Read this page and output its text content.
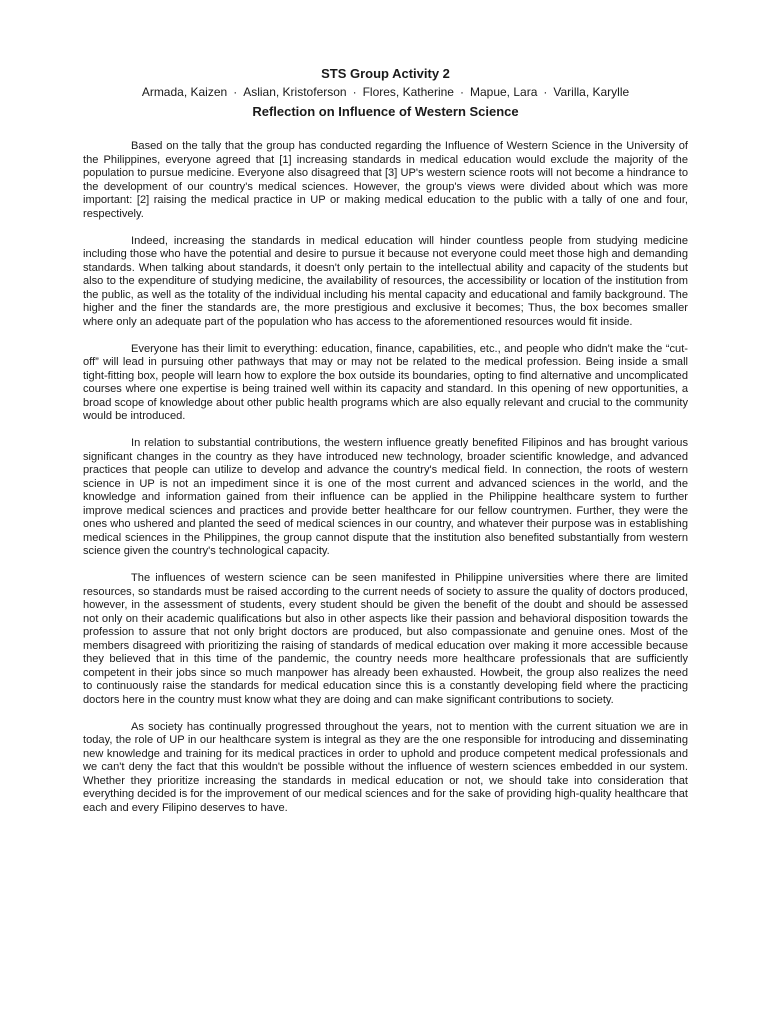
STS Group Activity 2
Armada, Kaizen · Aslian, Kristoferson · Flores, Katherine · Mapue, Lara · Varilla, Karylle
Reflection on Influence of Western Science

Based on the tally that the group has conducted regarding the Influence of Western Science in the University of the Philippines, everyone agreed that [1] increasing standards in medical education would exclude the majority of the population to pursue medicine. Everyone also disagreed that [3] UP's western science roots will not become a hindrance to the development of our country's medical sciences. However, the group's views were divided about which was more important: [2] raising the medical practice in UP or making medical education to the public with a tally of one and four, respectively.

Indeed, increasing the standards in medical education will hinder countless people from studying medicine including those who have the potential and desire to pursue it because not everyone could meet those high and demanding standards. When talking about standards, it doesn't only pertain to the intellectual ability and capacity of the students but also to the expenditure of studying medicine, the availability of resources, the accessibility or location of the institution from the public, as well as the totality of the individual including his mental capacity and educational and family background. The higher and the finer the standards are, the more prestigious and exclusive it becomes; Thus, the box becomes smaller where only an adequate part of the population who has access to the aforementioned resources would fit inside.

Everyone has their limit to everything: education, finance, capabilities, etc., and people who didn't make the “cut-off” will lead in pursuing other pathways that may or may not be related to the medical profession. Being inside a small tight-fitting box, people will learn how to explore the box outside its boundaries, opting to find alternative and uncomplicated courses where one expertise is being trained well within its capacity and standard. In this opening of new opportunities, a broad scope of knowledge about other public health programs which are also equally relevant and crucial to the community would be introduced.

In relation to substantial contributions, the western influence greatly benefited Filipinos and has brought various significant changes in the country as they have introduced new technology, broader scientific knowledge, and advanced practices that people can utilize to develop and advance the country's medical field. In connection, the roots of western science in UP is not an impediment since it is one of the most current and advanced sciences in the world, and the knowledge and information gained from their influence can be applied in the Philippine healthcare system to further improve medical sciences and practices and provide better healthcare for our fellow countrymen. Further, they were the ones who ushered and planted the seed of medical sciences in our country, and whatever their purpose was in establishing medical sciences in the Philippines, the group cannot dispute that the institution also benefited substantially from western science given the country's technological capacity.

The influences of western science can be seen manifested in Philippine universities where there are limited resources, so standards must be raised according to the current needs of society to assure the quality of doctors produced, however, in the assessment of students, every student should be given the benefit of the doubt and should be assessed not only on their academic qualifications but also in other aspects like their passion and behavioral disposition towards the profession to assure that not only bright doctors are produced, but also compassionate and genuine ones. Most of the members disagreed with prioritizing the raising of standards of medical education over making it more accessible because they believed that in this time of the pandemic, the country needs more healthcare professionals that are sufficiently competent in their jobs since so much manpower has already been exhausted. Howbeit, the group also realizes the need to continuously raise the standards for medical education since this is a constantly developing field where the practicing doctors here in the country must know what they are doing and can make significant contributions to society.

As society has continually progressed throughout the years, not to mention with the current situation we are in today, the role of UP in our healthcare system is integral as they are the one responsible for introducing and disseminating new knowledge and training for its medical practices in order to uphold and produce competent medical professionals and we can't deny the fact that this wouldn't be possible without the influence of western sciences embedded in our system. Whether they prioritize increasing the standards in medical education or not, we should take into consideration that everything decided is for the improvement of our medical sciences and for the sake of providing high-quality healthcare that each and every Filipino deserves to have.
